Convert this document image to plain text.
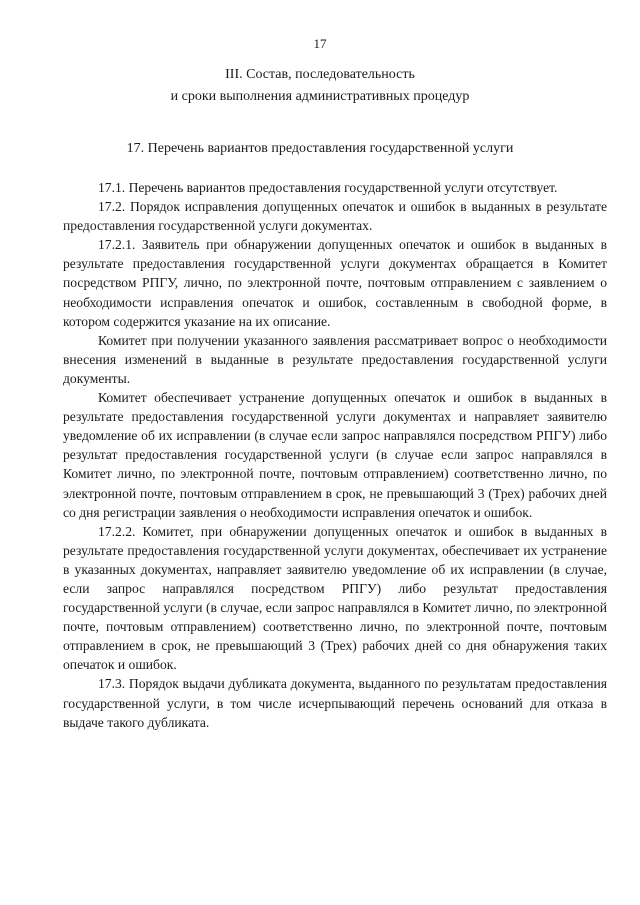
17
III. Состав, последовательность
и сроки выполнения административных процедур
17. Перечень вариантов предоставления государственной услуги

17.1. Перечень вариантов предоставления государственной услуги отсутствует.

17.2. Порядок исправления допущенных опечаток и ошибок в выданных в результате предоставления государственной услуги документах.

17.2.1. Заявитель при обнаружении допущенных опечаток и ошибок в выданных в результате предоставления государственной услуги документах обращается в Комитет посредством РПГУ, лично, по электронной почте, почтовым отправлением с заявлением о необходимости исправления опечаток и ошибок, составленным в свободной форме, в котором содержится указание на их описание.

Комитет при получении указанного заявления рассматривает вопрос о необходимости внесения изменений в выданные в результате предоставления государственной услуги документы.

Комитет обеспечивает устранение допущенных опечаток и ошибок в выданных в результате предоставления государственной услуги документах и направляет заявителю уведомление об их исправлении (в случае если запрос направлялся посредством РПГУ) либо результат предоставления государственной услуги (в случае если запрос направлялся в Комитет лично, по электронной почте, почтовым отправлением) соответственно лично, по электронной почте, почтовым отправлением в срок, не превышающий 3 (Трех) рабочих дней со дня регистрации заявления о необходимости исправления опечаток и ошибок.

17.2.2. Комитет, при обнаружении допущенных опечаток и ошибок в выданных в результате предоставления государственной услуги документах, обеспечивает их устранение в указанных документах, направляет заявителю уведомление об их исправлении (в случае, если запрос направлялся посредством РПГУ) либо результат предоставления государственной услуги (в случае, если запрос направлялся в Комитет лично, по электронной почте, почтовым отправлением) соответственно лично, по электронной почте, почтовым отправлением в срок, не превышающий 3 (Трех) рабочих дней со дня обнаружения таких опечаток и ошибок.

17.3. Порядок выдачи дубликата документа, выданного по результатам предоставления государственной услуги, в том числе исчерпывающий перечень оснований для отказа в выдаче такого дубликата.
